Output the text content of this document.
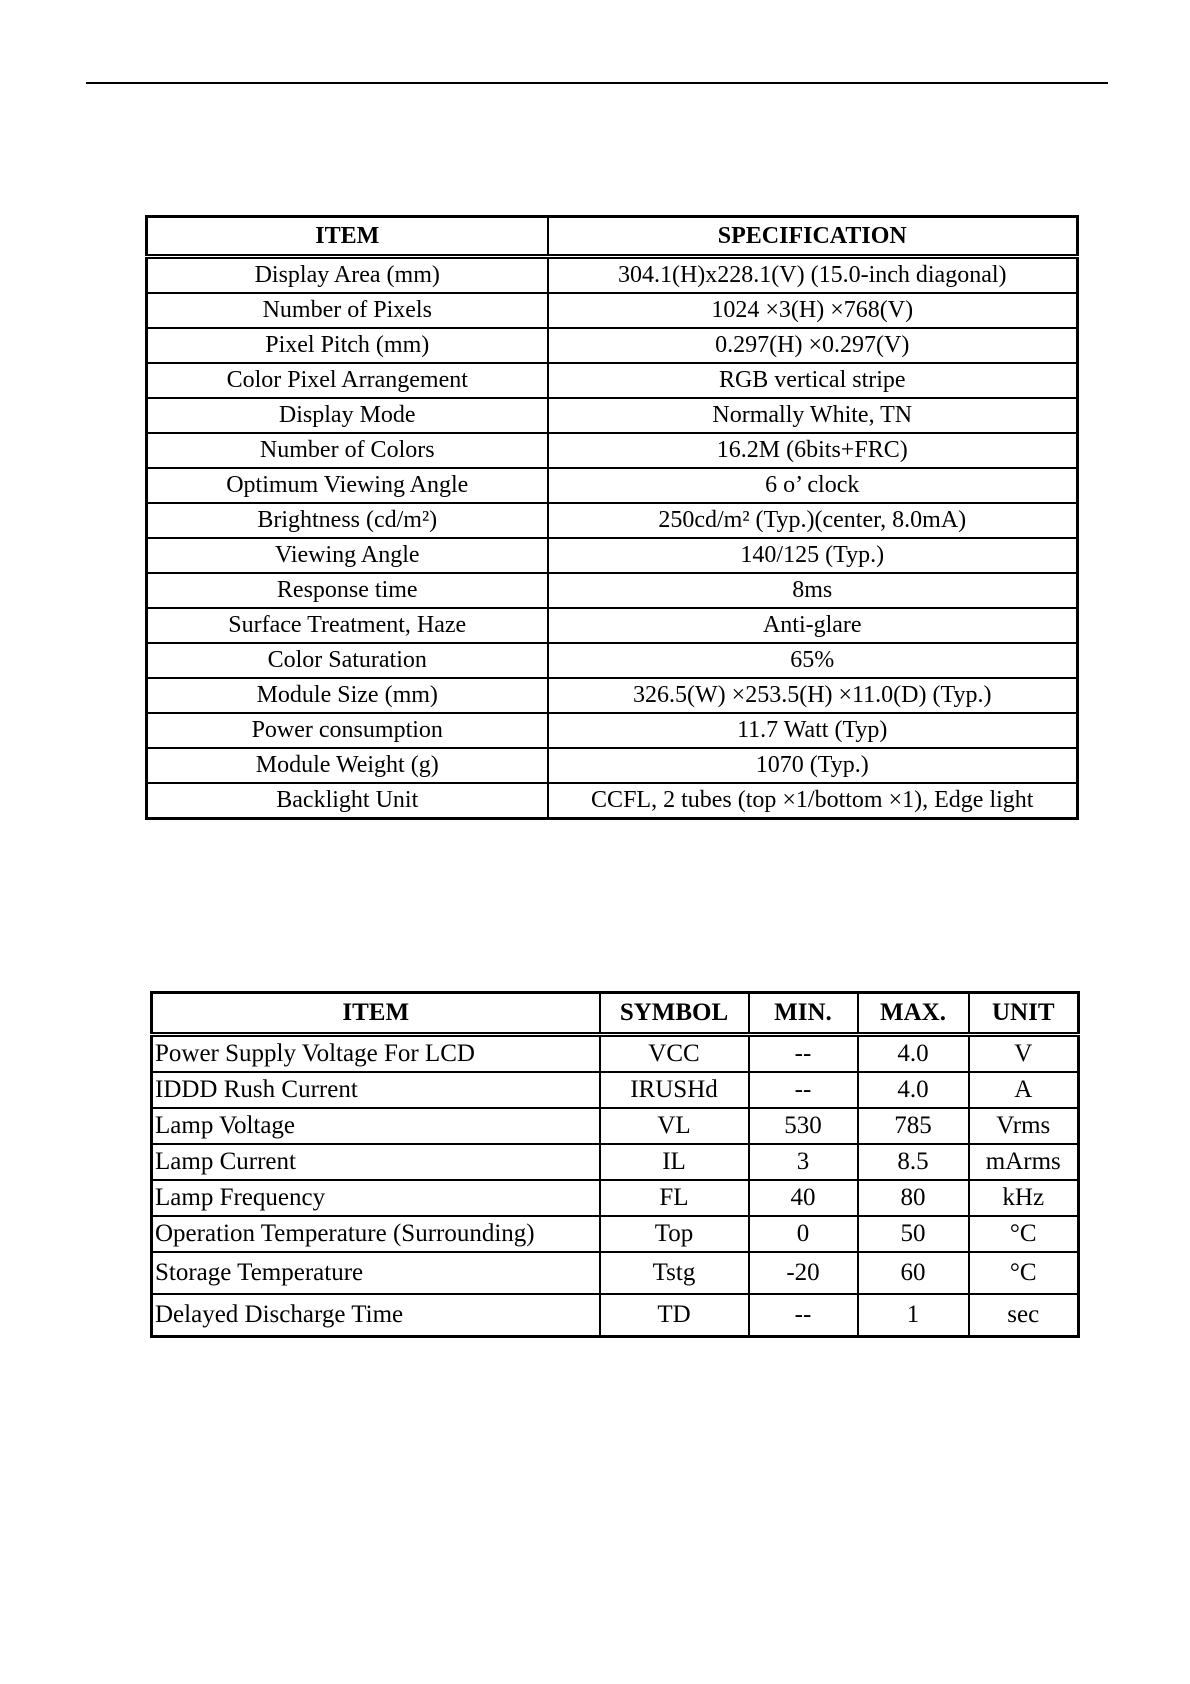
ITEM	SPECIFICATION
Display Area (mm)	304.1(H)x228.1(V) (15.0-inch diagonal)
Number of Pixels	1024 ×3(H) ×768(V)
Pixel Pitch (mm)	0.297(H) ×0.297(V)
Color Pixel Arrangement	RGB vertical stripe
Display Mode	Normally White, TN
Number of Colors	16.2M (6bits+FRC)
Optimum Viewing Angle	6 o’ clock
Brightness (cd/m²)	250cd/m² (Typ.)(center, 8.0mA)
Viewing Angle	140/125 (Typ.)
Response time	8ms
Surface Treatment, Haze	Anti-glare
Color Saturation	65%
Module Size (mm)	326.5(W) ×253.5(H) ×11.0(D) (Typ.)
Power consumption	11.7 Watt (Typ)
Module Weight (g)	1070 (Typ.)
Backlight Unit	CCFL, 2 tubes (top ×1/bottom ×1), Edge light
ITEM	SYMBOL	MIN.	MAX.	UNIT
Power Supply Voltage For LCD	VCC	--	4.0	V
IDDD Rush Current	IRUSHd	--	4.0	A
Lamp Voltage	VL	530	785	Vrms
Lamp Current	IL	3	8.5	mArms
Lamp Frequency	FL	40	80	kHz
Operation Temperature (Surrounding)	Top	0	50	°C
Storage Temperature	Tstg	-20	60	°C
Delayed Discharge Time	TD	--	1	sec
